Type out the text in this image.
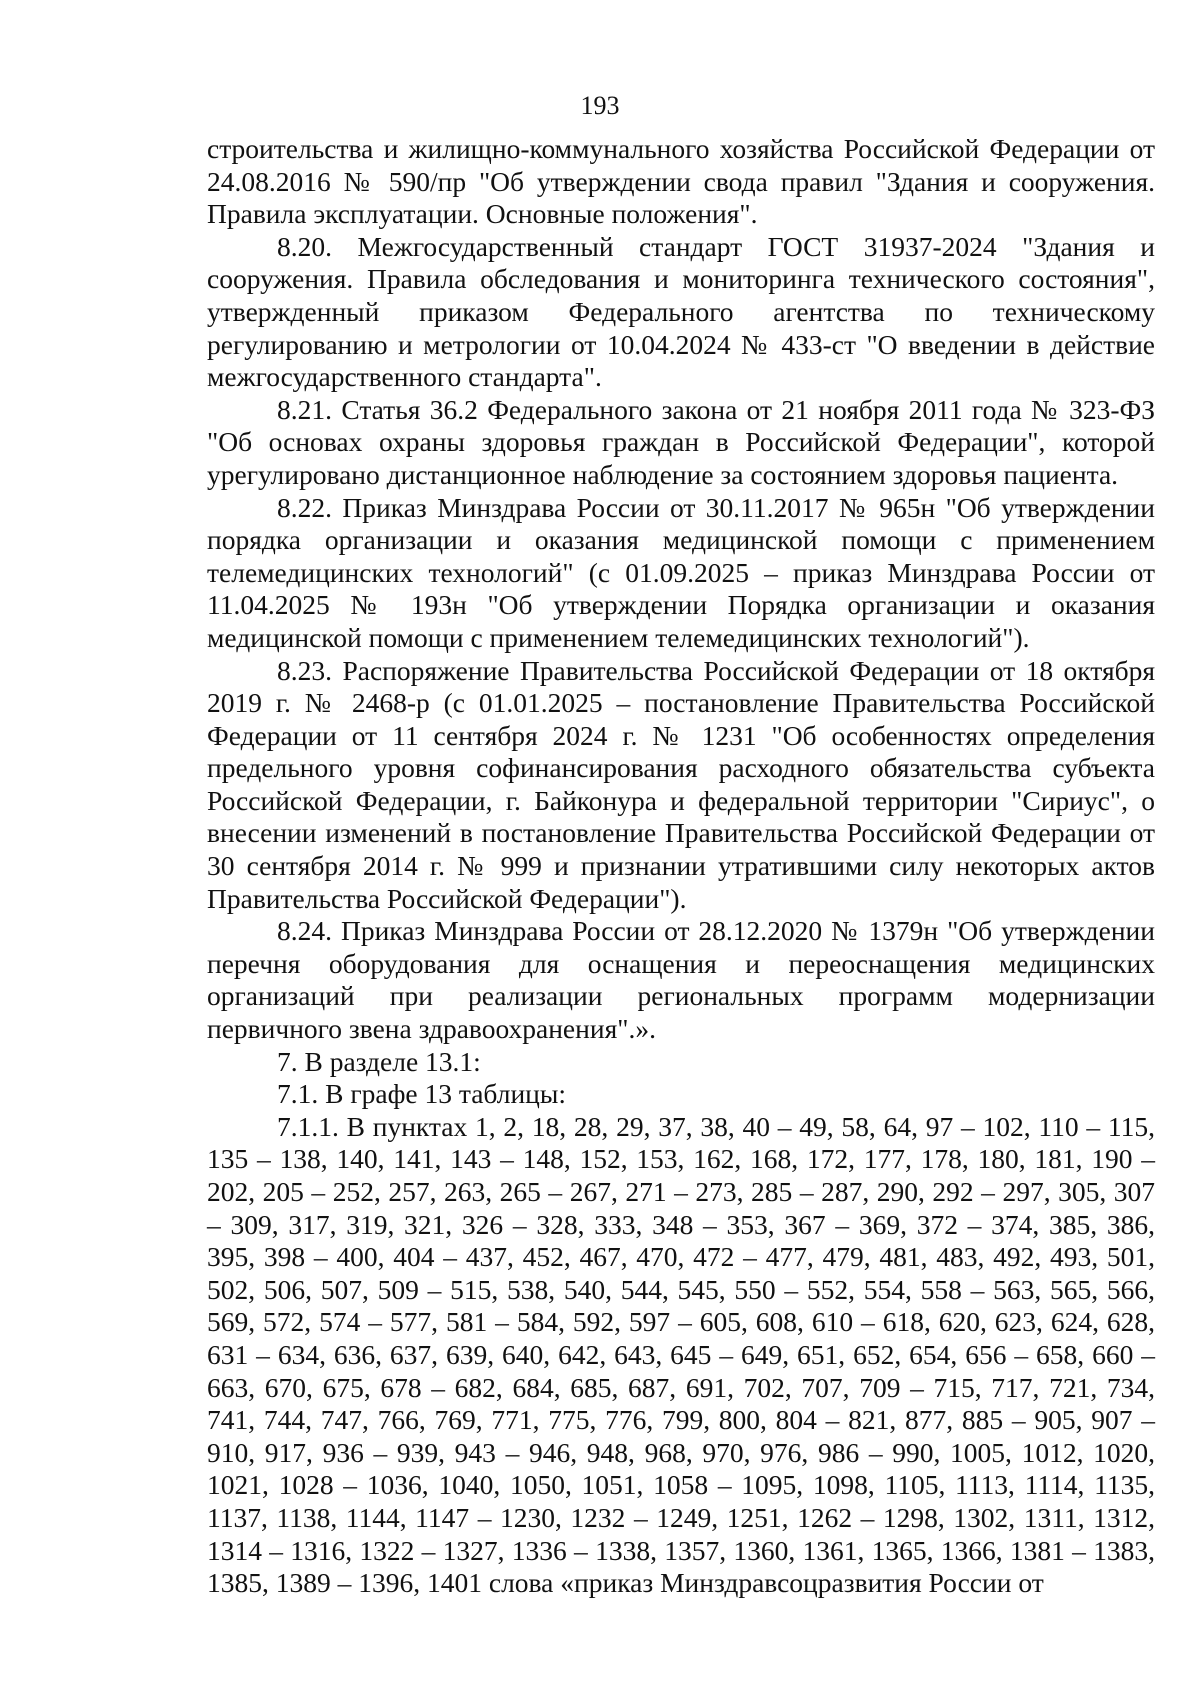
193

строительства и жилищно-коммунального хозяйства Российской Федерации от 24.08.2016 № 590/пр "Об утверждении свода правил "Здания и сооружения. Правила эксплуатации. Основные положения".

8.20. Межгосударственный стандарт ГОСТ 31937-2024 "Здания и сооружения. Правила обследования и мониторинга технического состояния", утвержденный приказом Федерального агентства по техническому регулированию и метрологии от 10.04.2024 № 433-ст "О введении в действие межгосударственного стандарта".

8.21. Статья 36.2 Федерального закона от 21 ноября 2011 года № 323-ФЗ "Об основах охраны здоровья граждан в Российской Федерации", которой урегулировано дистанционное наблюдение за состоянием здоровья пациента.

8.22. Приказ Минздрава России от 30.11.2017 № 965н "Об утверждении порядка организации и оказания медицинской помощи с применением телемедицинских технологий" (с 01.09.2025 – приказ Минздрава России от 11.04.2025 № 193н "Об утверждении Порядка организации и оказания медицинской помощи с применением телемедицинских технологий").

8.23. Распоряжение Правительства Российской Федерации от 18 октября 2019 г. № 2468-р (с 01.01.2025 – постановление Правительства Российской Федерации от 11 сентября 2024 г. № 1231 "Об особенностях определения предельного уровня софинансирования расходного обязательства субъекта Российской Федерации, г. Байконура и федеральной территории "Сириус", о внесении изменений в постановление Правительства Российской Федерации от 30 сентября 2014 г. № 999 и признании утратившими силу некоторых актов Правительства Российской Федерации").

8.24. Приказ Минздрава России от 28.12.2020 № 1379н "Об утверждении перечня оборудования для оснащения и переоснащения медицинских организаций при реализации региональных программ модернизации первичного звена здравоохранения".».

7. В разделе 13.1:

7.1. В графе 13 таблицы:

7.1.1. В пунктах 1, 2, 18, 28, 29, 37, 38, 40 – 49, 58, 64, 97 – 102, 110 – 115, 135 – 138, 140, 141, 143 – 148, 152, 153, 162, 168, 172, 177, 178, 180, 181, 190 – 202, 205 – 252, 257, 263, 265 – 267, 271 – 273, 285 – 287, 290, 292 – 297, 305, 307 – 309, 317, 319, 321, 326 – 328, 333, 348 – 353, 367 – 369, 372 – 374, 385, 386, 395, 398 – 400, 404 – 437, 452, 467, 470, 472 – 477, 479, 481, 483, 492, 493, 501, 502, 506, 507, 509 – 515, 538, 540, 544, 545, 550 – 552, 554, 558 – 563, 565, 566, 569, 572, 574 – 577, 581 – 584, 592, 597 – 605, 608, 610 – 618, 620, 623, 624, 628, 631 – 634, 636, 637, 639, 640, 642, 643, 645 – 649, 651, 652, 654, 656 – 658, 660 – 663, 670, 675, 678 – 682, 684, 685, 687, 691, 702, 707, 709 – 715, 717, 721, 734, 741, 744, 747, 766, 769, 771, 775, 776, 799, 800, 804 – 821, 877, 885 – 905, 907 – 910, 917, 936 – 939, 943 – 946, 948, 968, 970, 976, 986 – 990, 1005, 1012, 1020, 1021, 1028 – 1036, 1040, 1050, 1051, 1058 – 1095, 1098, 1105, 1113, 1114, 1135, 1137, 1138, 1144, 1147 – 1230, 1232 – 1249, 1251, 1262 – 1298, 1302, 1311, 1312, 1314 – 1316, 1322 – 1327, 1336 – 1338, 1357, 1360, 1361, 1365, 1366, 1381 – 1383, 1385, 1389 – 1396, 1401 слова «приказ Минздравсоцразвития России от
